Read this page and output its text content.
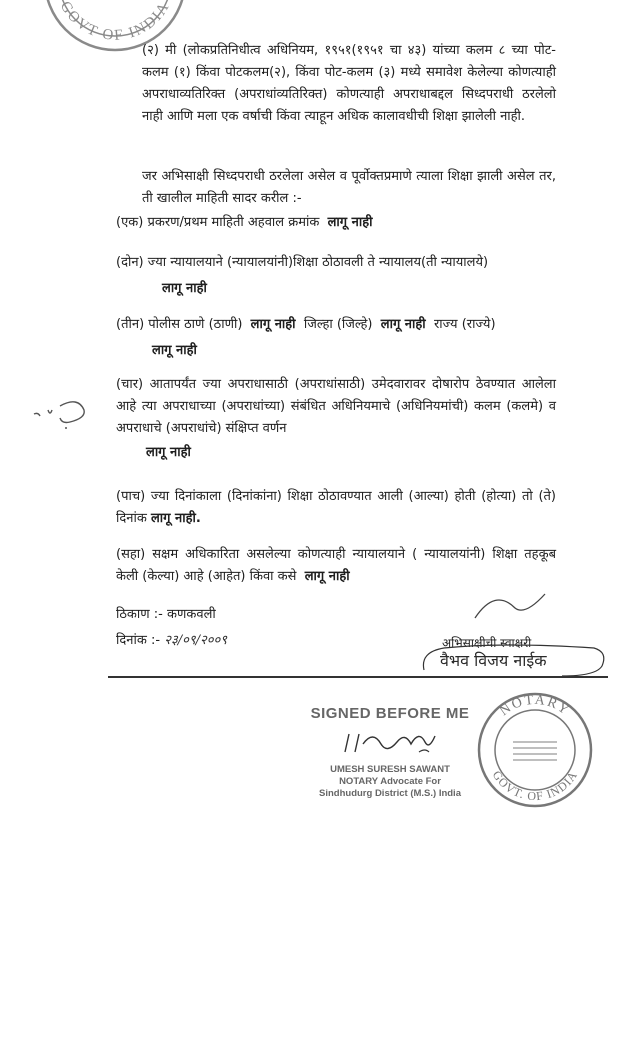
GOVT OF INDIA

(२) मी (लोकप्रतिनिधीत्व अधिनियम, १९५१(१९५१ चा ४३) यांच्या कलम ८ च्या पोट-कलम (१) किंवा पोटकलम(२), किंवा पोट-कलम (३) मध्ये समावेश केलेल्या कोणत्याही अपराधाव्यतिरिक्त (अपराधांव्यतिरिक्त) कोणत्याही अपराधाबद्दल सिध्दपराधी ठरलेलो नाही आणि मला एक वर्षाची किंवा त्याहून अधिक कालावधीची शिक्षा झालेली नाही.

जर अभिसाक्षी सिध्दपराधी ठरलेला असेल व पूर्वोक्तप्रमाणे त्याला शिक्षा झाली असेल तर, ती खालील माहिती सादर करील :-

(एक) प्रकरण/प्रथम माहिती अहवाल क्रमांक लागू नाही

(दोन) ज्या न्यायालयाने (न्यायालयांनी)शिक्षा ठोठावली ते न्यायालय(ती न्यायालये)

लागू नाही

(तीन) पोलीस ठाणे (ठाणी) लागू नाही जिल्हा (जिल्हे) लागू नाही राज्य (राज्ये)

लागू नाही

(चार) आतापर्यंत ज्या अपराधासाठी (अपराधांसाठी) उमेदवारावर दोषारोप ठेवण्यात आलेला आहे त्या अपराधाच्या (अपराधांच्या) संबंधित अधिनियमाचे (अधिनियमांची) कलम (कलमे) व अपराधाचे (अपराधांचे) संक्षिप्त वर्णन

लागू नाही

(पाच) ज्या दिनांकाला (दिनांकांना) शिक्षा ठोठावण्यात आली (आल्या) होती (होत्या) तो (ते) दिनांक लागू नाही.

(सहा) सक्षम अधिकारिता असलेल्या कोणत्याही न्यायालयाने ( न्यायालयांनी) शिक्षा तहकूब केली (केल्या) आहे (आहेत) किंवा कसे लागू नाही

ठिकाण :- कणकवली
दिनांक :- २३/०९/२००९	अभिसाक्षीची स्वाक्षरी
वैभव विजय नाईक
SIGNED BEFORE ME
UMESH SURESH SAWANT
NOTARY Advocate For
Sindhudurg District (M.S.) India
NOTARY
GOVT. OF INDIA
